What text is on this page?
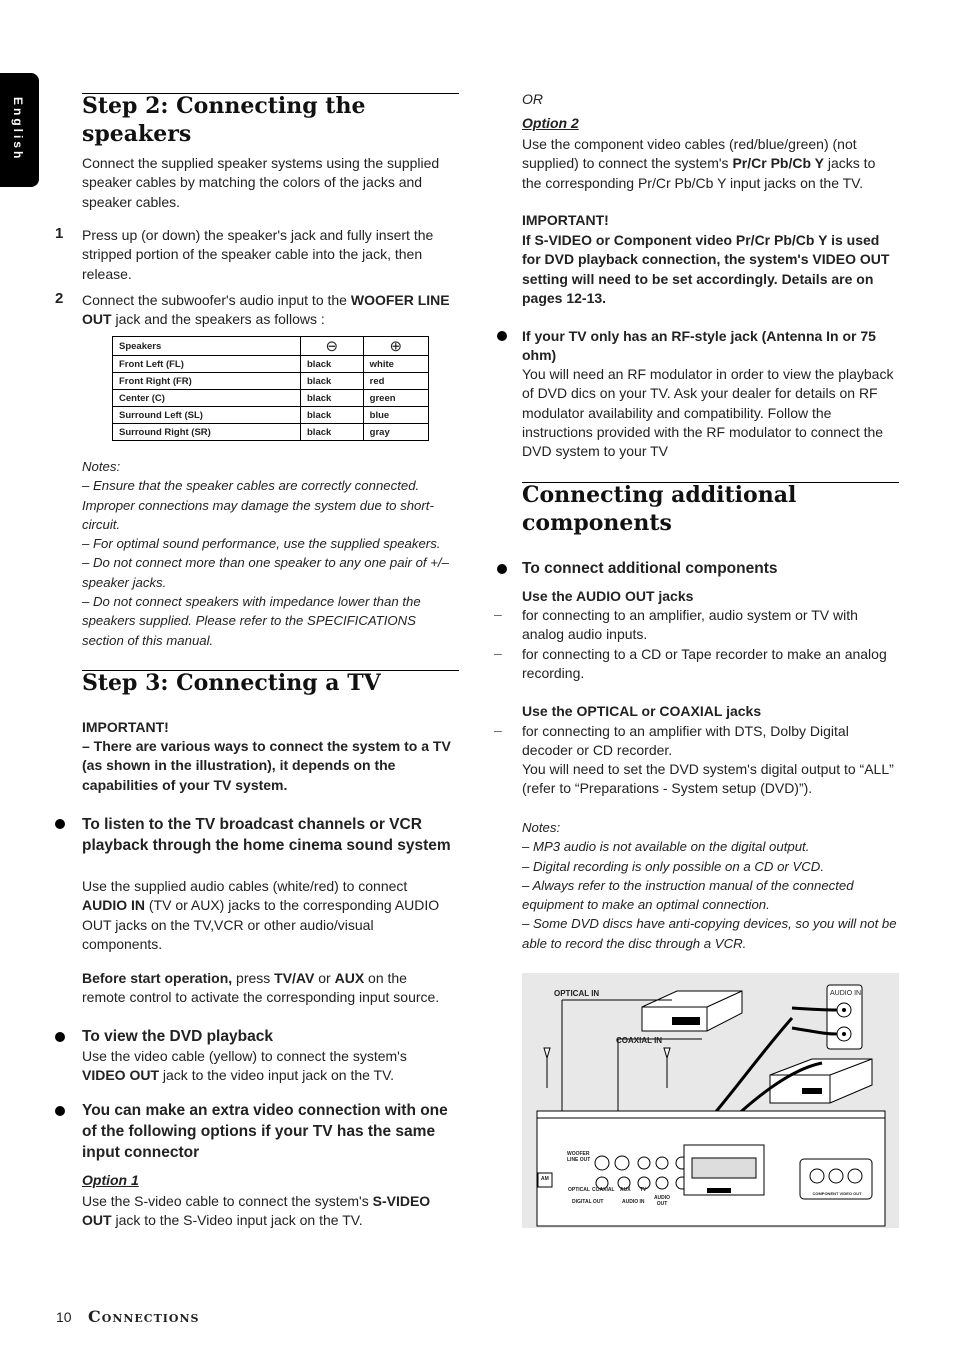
English	Step 2: Connecting the
speakers

Connect the supplied speaker systems using the supplied speaker cables by matching the colors of the jacks and speaker cables.

1 Press up (or down) the speaker's jack and fully insert the stripped portion of the speaker cable into the jack, then release.

2 Connect the subwoofer's audio input to the WOOFER LINE OUT jack and the speakers as follows :

Speakers	⊖	⊕
Front Left (FL)	black	white
Front Right (FR)	black	red
Center (C)	black	green
Surround Left (SL)	black	blue
Surround Right (SR)	black	gray
Notes:
– Ensure that the speaker cables are correctly connected. Improper connections may damage the system due to short-circuit.
– For optimal sound performance, use the supplied speakers.
– Do not connect more than one speaker to any one pair of +/– speaker jacks.
– Do not connect speakers with impedance lower than the speakers supplied. Please refer to the SPECIFICATIONS section of this manual.
Step 3: Connecting a TV

IMPORTANT!

– There are various ways to connect the system to a TV (as shown in the illustration), it depends on the capabilities of your TV system.

To listen to the TV broadcast channels or VCR playback through the home cinema sound system

Use the supplied audio cables (white/red) to connect AUDIO IN (TV or AUX) jacks to the corresponding AUDIO OUT jacks on the TV,VCR or other audio/visual components.

Before start operation, press TV/AV or AUX on the remote control to activate the corresponding input source.

To view the DVD playback

Use the video cable (yellow) to connect the system's VIDEO OUT jack to the video input jack on the TV.

You can make an extra video connection with one of the following options if your TV has the same input connector

Option 1

Use the S-video cable to connect the system's S-VIDEO OUT jack to the S-Video input jack on the TV.

OR

Option 2

Use the component video cables (red/blue/green) (not supplied) to connect the system's Pr/Cr Pb/Cb Y jacks to the corresponding Pr/Cr Pb/Cb Y input jacks on the TV.

IMPORTANT!

If S-VIDEO or Component video Pr/Cr Pb/Cb Y is used for DVD playback connection, the system's VIDEO OUT setting will need to be set accordingly. Details are on pages 12-13.

If your TV only has an RF-style jack (Antenna In or 75 ohm)

You will need an RF modulator in order to view the playback of DVD dics on your TV. Ask your dealer for details on RF modulator availability and compatibility. Follow the instructions provided with the RF modulator to connect the DVD system to your TV

Connecting additional
components

To connect additional components

Use the AUDIO OUT jacks

– for connecting to an amplifier, audio system or TV with analog audio inputs.

– for connecting to a CD or Tape recorder to make an analog recording.

Use the OPTICAL or COAXIAL jacks

– for connecting to an amplifier with DTS, Dolby Digital decoder or CD recorder.

You will need to set the DVD system's digital output to “ALL” (refer to “Preparations - System setup (DVD)”).

Notes:
– MP3 audio is not available on the digital output.
– Digital recording is only possible on a CD or VCD.
– Always refer to the instruction manual of the connected equipment to make an optimal connection.
– Some DVD discs have anti-copying devices, so you will not be able to record the disc through a VCR.
OPTICAL IN
COAXIAL IN
AUDIO IN
WOOFER LINE OUT
OPTICAL COAXIAL AUX TV
AM
DIGITAL OUT	AUDIO IN
AUDIO OUT
COMPONENT VIDEO OUT
10 Connections
